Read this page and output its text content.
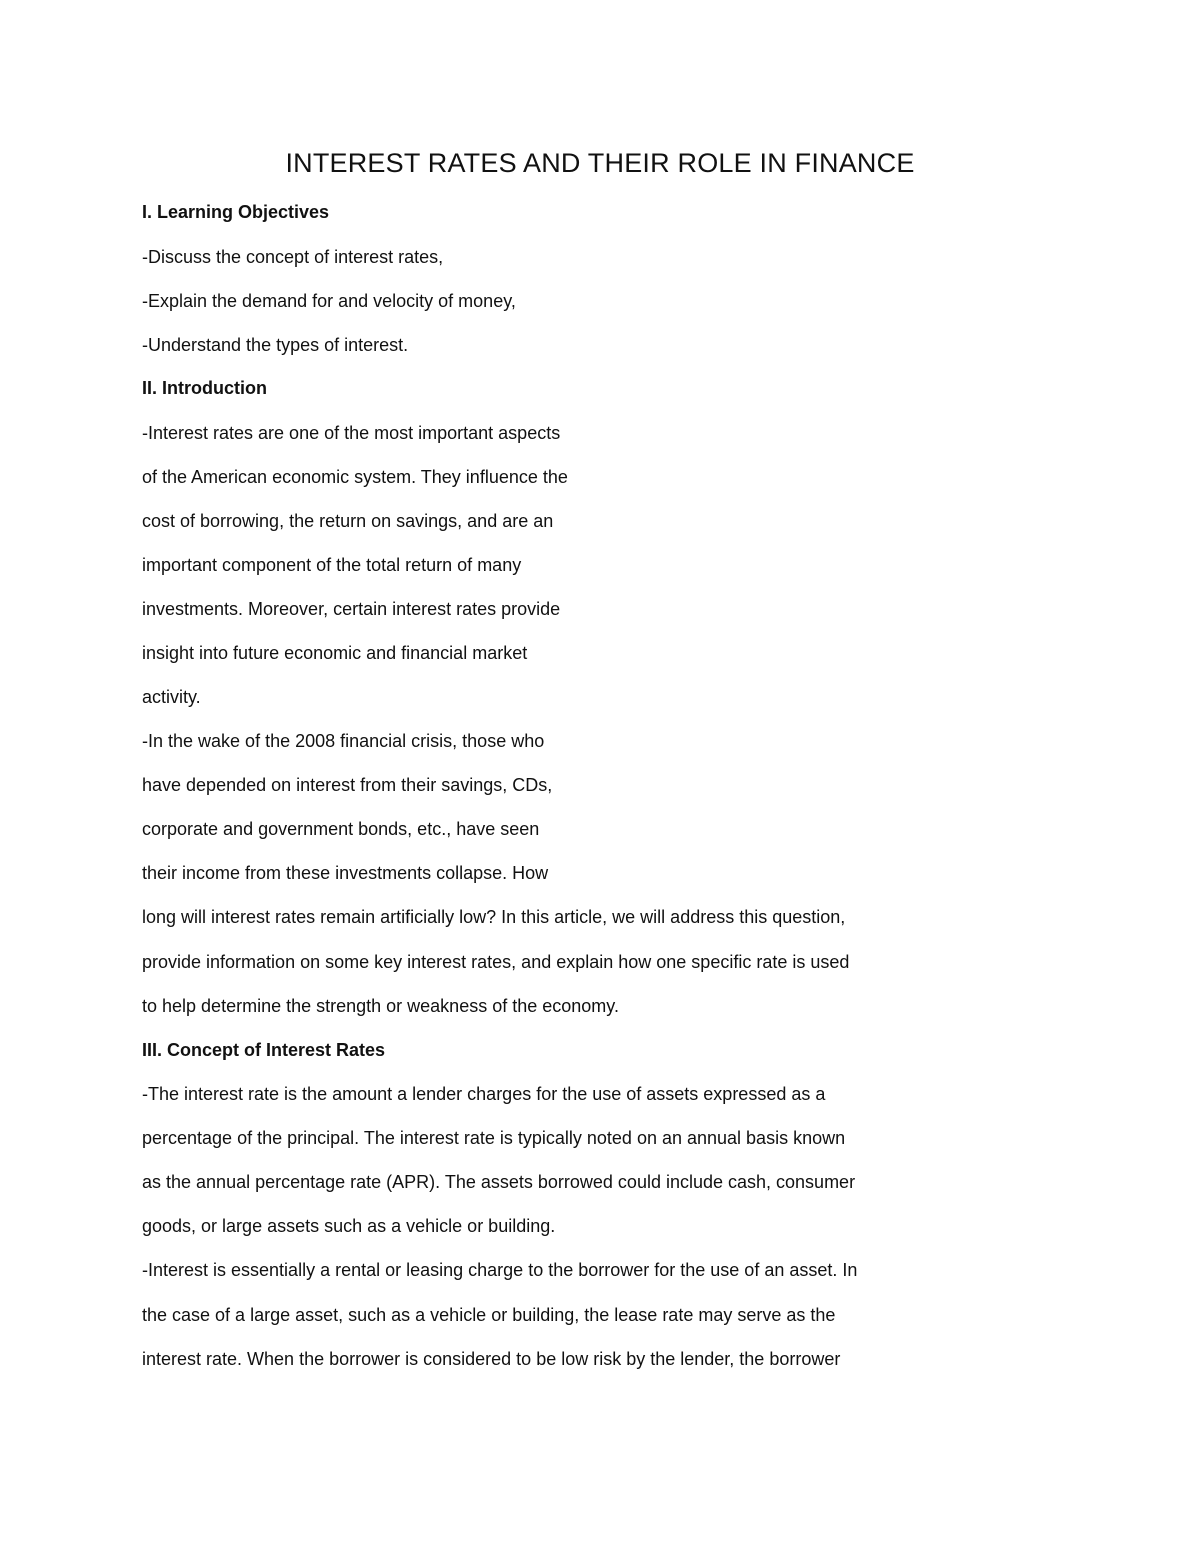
INTEREST RATES AND THEIR ROLE IN FINANCE

I. Learning Objectives

-Discuss the concept of interest rates,

-Explain the demand for and velocity of money,

-Understand the types of interest.

II. Introduction

-Interest rates are one of the most important aspects

of the American economic system. They influence the

cost of borrowing, the return on savings, and are an

important component of the total return of many

investments. Moreover, certain interest rates provide

insight into future economic and financial market

activity.

-In the wake of the 2008 financial crisis, those who

have depended on interest from their savings, CDs,

corporate and government bonds, etc., have seen

their income from these investments collapse. How

long will interest rates remain artificially low? In this article, we will address this question,

provide information on some key interest rates, and explain how one specific rate is used

to help determine the strength or weakness of the economy.

III. Concept of Interest Rates

-The interest rate is the amount a lender charges for the use of assets expressed as a

percentage of the principal. The interest rate is typically noted on an annual basis known

as the annual percentage rate (APR). The assets borrowed could include cash, consumer

goods, or large assets such as a vehicle or building.

-Interest is essentially a rental or leasing charge to the borrower for the use of an asset. In

the case of a large asset, such as a vehicle or building, the lease rate may serve as the

interest rate. When the borrower is considered to be low risk by the lender, the borrower
